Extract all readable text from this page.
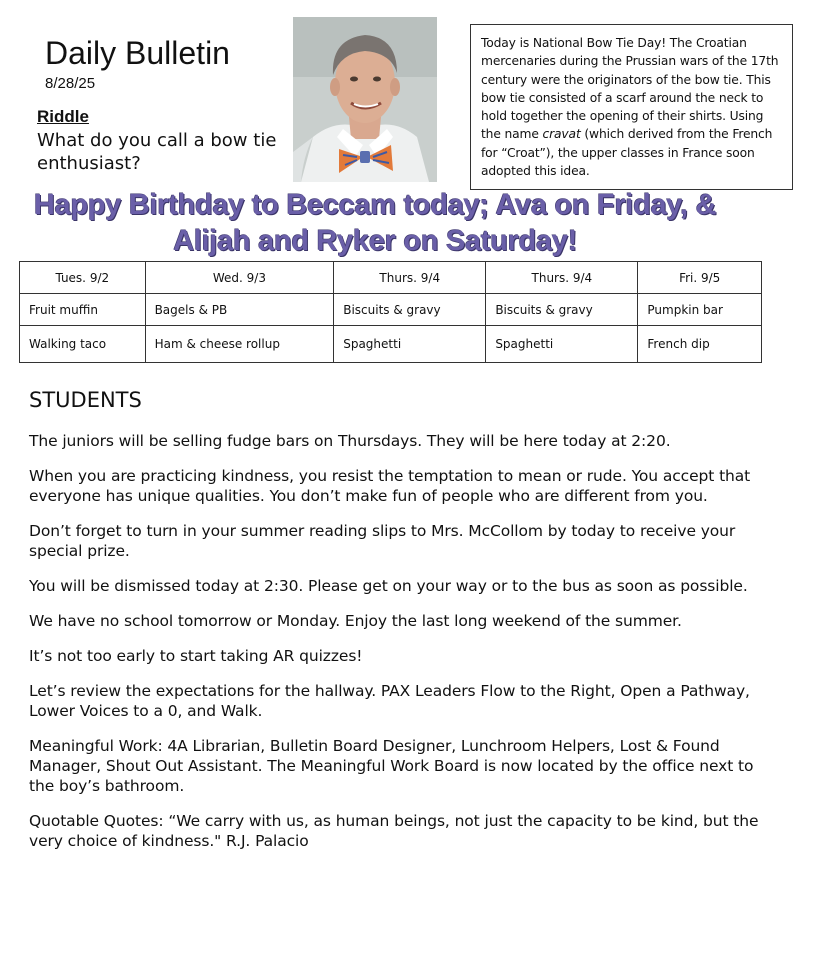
Daily Bulletin
8/28/25
Riddle
What do you call a bow tie enthusiast?
Today is National Bow Tie Day! The Croatian mercenaries during the Prussian wars of the 17th century were the originators of the bow tie. This bow tie consisted of a scarf around the neck to hold together the opening of their shirts. Using the name cravat (which derived from the French for “Croat”), the upper classes in France soon adopted this idea.
Happy Birthday to Beccam today; Ava on Friday, &
Alijah and Ryker on Saturday!
Tues. 9/2	Wed. 9/3	Thurs. 9/4	Thurs. 9/4	Fri. 9/5
Fruit muffin	Bagels & PB	Biscuits & gravy	Biscuits & gravy	Pumpkin bar
Walking taco	Ham & cheese rollup	Spaghetti	Spaghetti	French dip
STUDENTS

The juniors will be selling fudge bars on Thursdays. They will be here today at 2:20.

When you are practicing kindness, you resist the temptation to mean or rude. You accept that everyone has unique qualities. You don’t make fun of people who are different from you.

Don’t forget to turn in your summer reading slips to Mrs. McCollom by today to receive your special prize.

You will be dismissed today at 2:30. Please get on your way or to the bus as soon as possible.

We have no school tomorrow or Monday. Enjoy the last long weekend of the summer.

It’s not too early to start taking AR quizzes!

Let’s review the expectations for the hallway. PAX Leaders Flow to the Right, Open a Pathway, Lower Voices to a 0, and Walk.

Meaningful Work: 4A Librarian, Bulletin Board Designer, Lunchroom Helpers, Lost & Found Manager, Shout Out Assistant. The Meaningful Work Board is now located by the office next to the boy’s bathroom.

Quotable Quotes: “We carry with us, as human beings, not just the capacity to be kind, but the very choice of kindness." R.J. Palacio
